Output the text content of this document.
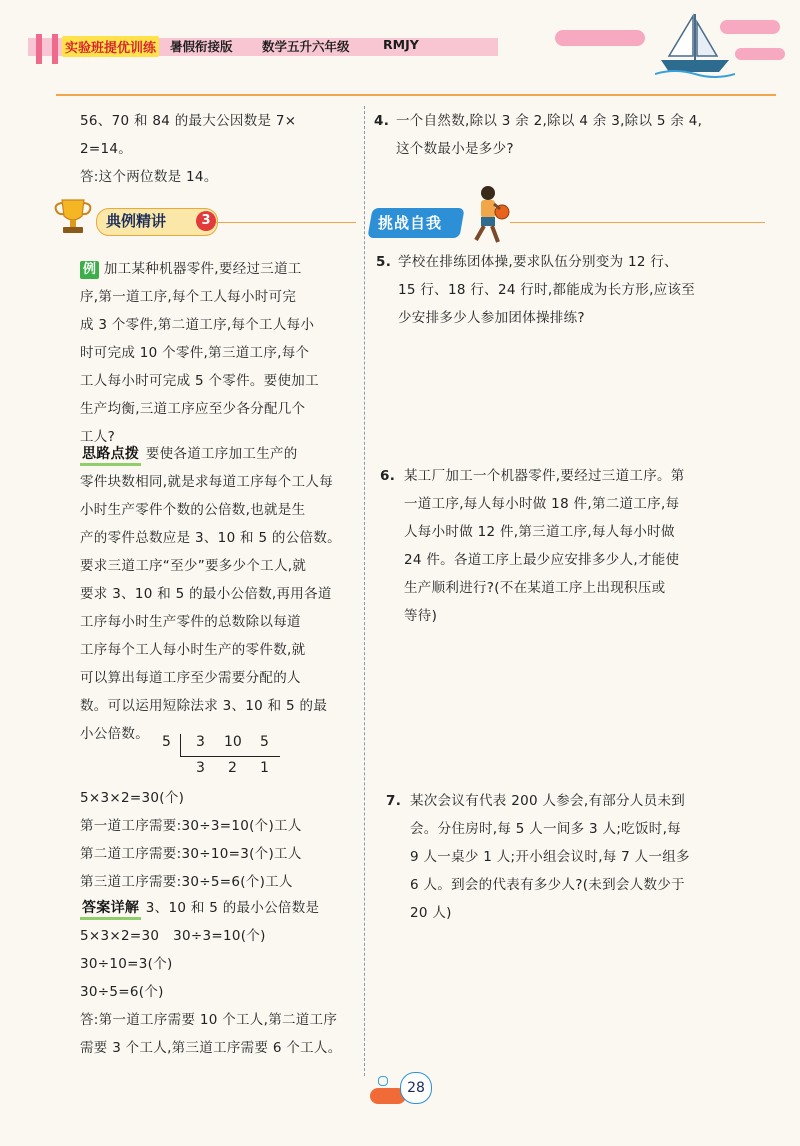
实验班提优训练 暑假衔接版 数学五升六年级	RMJY
56、70 和 84 的最大公因数是 7×
2=14。
答:这个两位数是 14。
典例精讲	3
例 加工某种机器零件,要经过三道工
序,第一道工序,每个工人每小时可完
成 3 个零件,第二道工序,每个工人每小
时可完成 10 个零件,第三道工序,每个
工人每小时可完成 5 个零件。要使加工
生产均衡,三道工序应至少各分配几个
工人?
思路点拨 要使各道工序加工生产的
零件块数相同,就是求每道工序每个工人每
小时生产零件个数的公倍数,也就是生
产的零件总数应是 3、10 和 5 的公倍数。
要求三道工序“至少”要多少个工人,就
要求 3、10 和 5 的最小公倍数,再用各道
工序每小时生产零件的总数除以每道
工序每个工人每小时生产的零件数,就
可以算出每道工序至少需要分配的人
数。可以运用短除法求 3、10 和 5 的最
小公倍数。 5 3 10 5
3 2 1
5×3×2=30(个)
第一道工序需要:30÷3=10(个)工人
第二道工序需要:30÷10=3(个)工人
第三道工序需要:30÷5=6(个)工人
答案详解 3、10 和 5 的最小公倍数是
5×3×2=30　30÷3=10(个)
30÷10=3(个)
30÷5=6(个)
答:第一道工序需要 10 个工人,第二道工序
需要 3 个工人,第三道工序需要 6 个工人。
4. 一个自然数,除以 3 余 2,除以 4 余 3,除以 5 余 4,
这个数最小是多少?
挑战自我
5. 学校在排练团体操,要求队伍分别变为 12 行、
15 行、18 行、24 行时,都能成为长方形,应该至
少安排多少人参加团体操排练?
6. 某工厂加工一个机器零件,要经过三道工序。第
一道工序,每人每小时做 18 件,第二道工序,每
人每小时做 12 件,第三道工序,每人每小时做
24 件。各道工序上最少应安排多少人,才能使
生产顺利进行?(不在某道工序上出现积压或
等待)
7. 某次会议有代表 200 人参会,有部分人员未到
会。分住房时,每 5 人一间多 3 人;吃饭时,每
9 人一桌少 1 人;开小组会议时,每 7 人一组多
6 人。到会的代表有多少人?(未到会人数少于
20 人)
28
